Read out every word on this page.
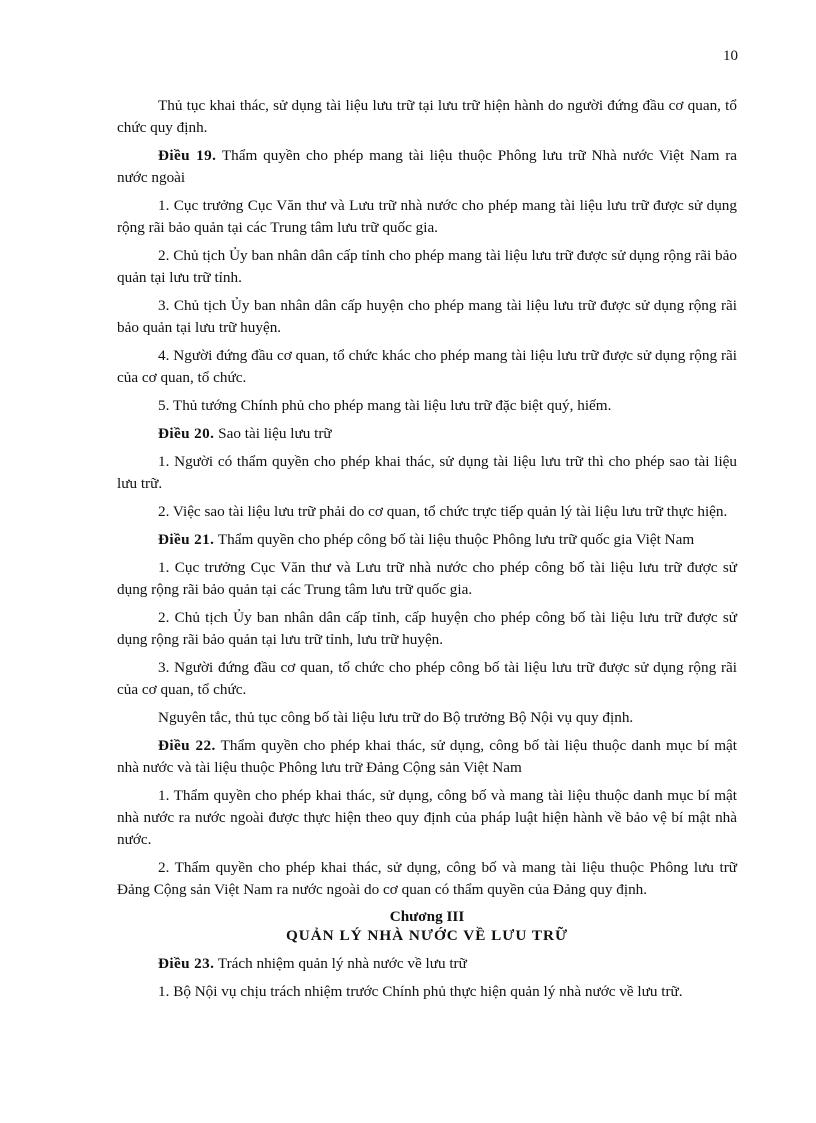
10

Thủ tục khai thác, sử dụng tài liệu lưu trữ tại lưu trữ hiện hành do người đứng đầu cơ quan, tổ chức quy định.

Điều 19. Thẩm quyền cho phép mang tài liệu thuộc Phông lưu trữ Nhà nước Việt Nam ra nước ngoài

1. Cục trưởng Cục Văn thư và Lưu trữ nhà nước cho phép mang tài liệu lưu trữ được sử dụng rộng rãi bảo quản tại các Trung tâm lưu trữ quốc gia.

2. Chủ tịch Ủy ban nhân dân cấp tỉnh cho phép mang tài liệu lưu trữ được sử dụng rộng rãi bảo quản tại lưu trữ tỉnh.

3. Chủ tịch Ủy ban nhân dân cấp huyện cho phép mang tài liệu lưu trữ được sử dụng rộng rãi bảo quản tại lưu trữ huyện.

4. Người đứng đầu cơ quan, tổ chức khác cho phép mang tài liệu lưu trữ được sử dụng rộng rãi của cơ quan, tổ chức.

5. Thủ tướng Chính phủ cho phép mang tài liệu lưu trữ đặc biệt quý, hiếm.

Điều 20. Sao tài liệu lưu trữ

1. Người có thẩm quyền cho phép khai thác, sử dụng tài liệu lưu trữ thì cho phép sao tài liệu lưu trữ.

2. Việc sao tài liệu lưu trữ phải do cơ quan, tổ chức trực tiếp quản lý tài liệu lưu trữ thực hiện.

Điều 21. Thẩm quyền cho phép công bố tài liệu thuộc Phông lưu trữ quốc gia Việt Nam

1. Cục trưởng Cục Văn thư và Lưu trữ nhà nước cho phép công bố tài liệu lưu trữ được sử dụng rộng rãi bảo quản tại các Trung tâm lưu trữ quốc gia.

2. Chủ tịch Ủy ban nhân dân cấp tỉnh, cấp huyện cho phép công bố tài liệu lưu trữ được sử dụng rộng rãi bảo quản tại lưu trữ tỉnh, lưu trữ huyện.

3. Người đứng đầu cơ quan, tổ chức cho phép công bố tài liệu lưu trữ được sử dụng rộng rãi của cơ quan, tổ chức.

Nguyên tắc, thủ tục công bố tài liệu lưu trữ do Bộ trưởng Bộ Nội vụ quy định.

Điều 22. Thẩm quyền cho phép khai thác, sử dụng, công bố tài liệu thuộc danh mục bí mật nhà nước và tài liệu thuộc Phông lưu trữ Đảng Cộng sản Việt Nam

1. Thẩm quyền cho phép khai thác, sử dụng, công bố và mang tài liệu thuộc danh mục bí mật nhà nước ra nước ngoài được thực hiện theo quy định của pháp luật hiện hành về bảo vệ bí mật nhà nước.

2. Thẩm quyền cho phép khai thác, sử dụng, công bố và mang tài liệu thuộc Phông lưu trữ Đảng Cộng sản Việt Nam ra nước ngoài do cơ quan có thẩm quyền của Đảng quy định.

Chương III
QUẢN LÝ NHÀ NƯỚC VỀ LƯU TRỮ

Điều 23. Trách nhiệm quản lý nhà nước về lưu trữ

1. Bộ Nội vụ chịu trách nhiệm trước Chính phủ thực hiện quản lý nhà nước về lưu trữ.
